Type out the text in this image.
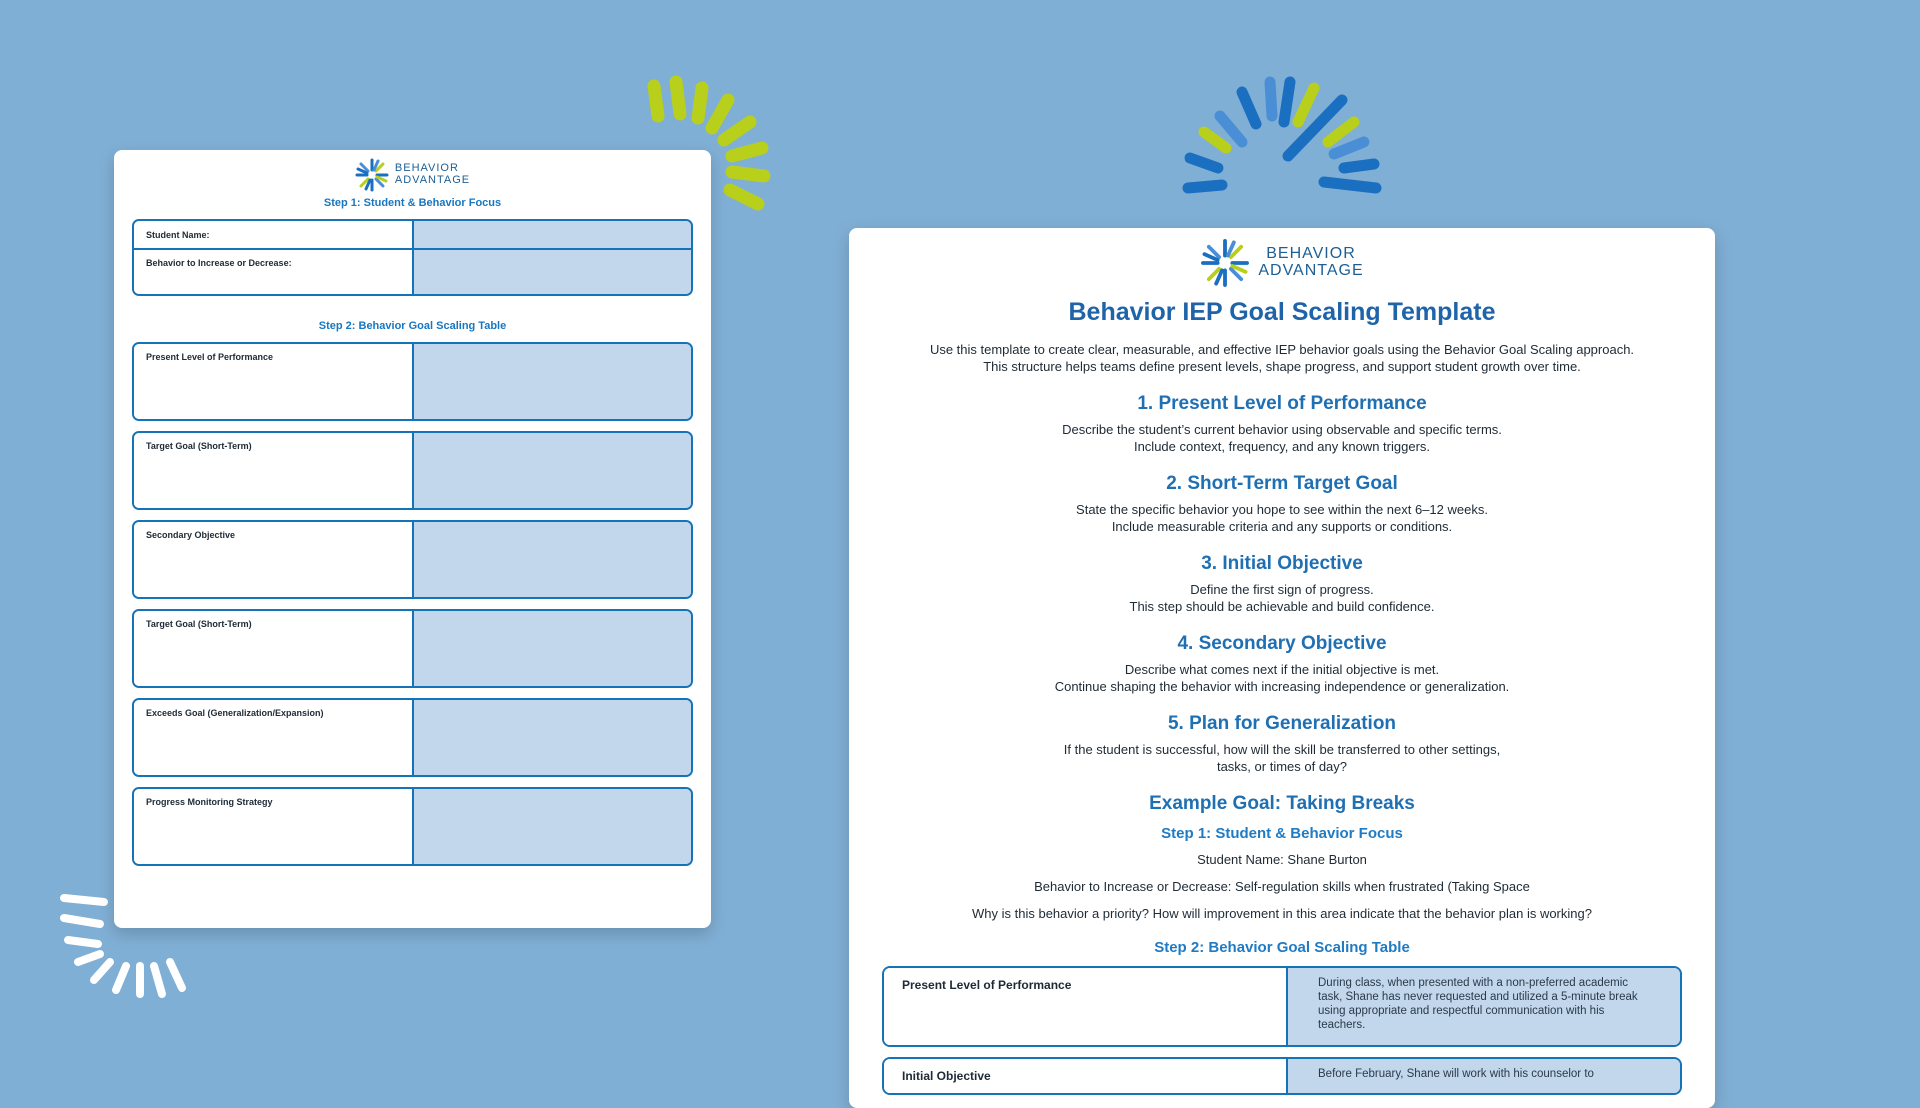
BEHAVIOR
ADVANTAGE
Step 1: Student & Behavior Focus
Student Name:
Behavior to Increase or Decrease:
Step 2: Behavior Goal Scaling Table
Present Level of Performance
Target Goal (Short-Term)
Secondary Objective
Target Goal (Short-Term)
Exceeds Goal (Generalization/Expansion)
Progress Monitoring Strategy
BEHAVIOR
ADVANTAGE
Behavior IEP Goal Scaling Template
Use this template to create clear, measurable, and effective IEP behavior goals using the Behavior Goal Scaling approach.
This structure helps teams define present levels, shape progress, and support student growth over time.
1. Present Level of Performance
Describe the student’s current behavior using observable and specific terms.
Include context, frequency, and any known triggers.
2. Short-Term Target Goal
State the specific behavior you hope to see within the next 6–12 weeks.
Include measurable criteria and any supports or conditions.
3. Initial Objective
Define the first sign of progress.
This step should be achievable and build confidence.
4. Secondary Objective
Describe what comes next if the initial objective is met.
Continue shaping the behavior with increasing independence or generalization.
5. Plan for Generalization
If the student is successful, how will the skill be transferred to other settings,
tasks, or times of day?
Example Goal: Taking Breaks
Step 1: Student & Behavior Focus
Student Name: Shane Burton
Behavior to Increase or Decrease: Self-regulation skills when frustrated (Taking Space
Why is this behavior a priority? How will improvement in this area indicate that the behavior plan is working?
Step 2: Behavior Goal Scaling Table
Present Level of Performance	During class, when presented with a non-preferred academic task, Shane has never requested and utilized a 5-minute break using appropriate and respectful communication with his teachers.
Initial Objective	Before February, Shane will work with his counselor to
